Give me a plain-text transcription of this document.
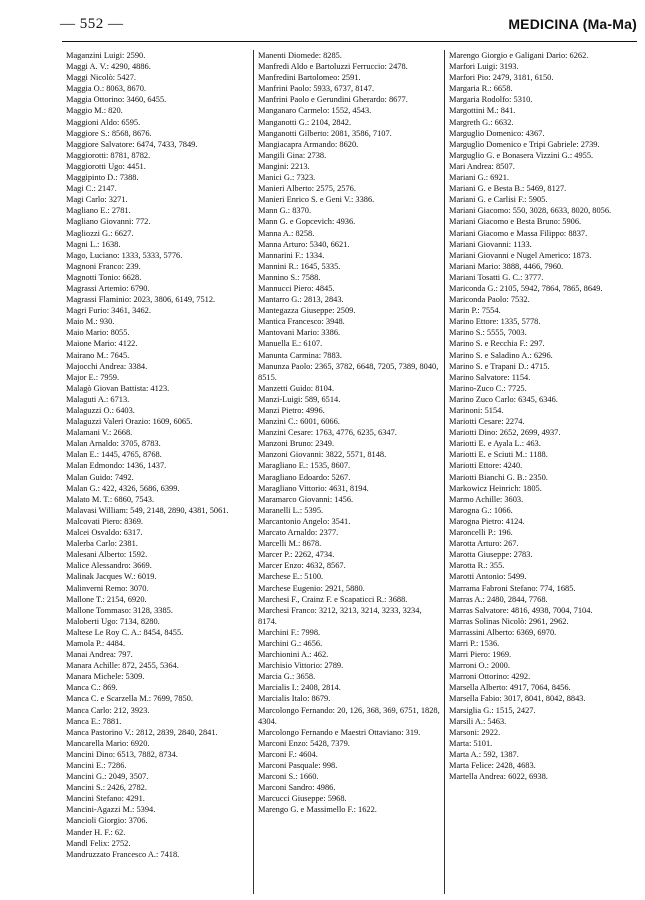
— 552 —	MEDICINA (Ma-Ma)
Maganzini Luigi: 2590.
Maggi A. V.: 4290, 4886.
Maggi Nicolò: 5427.
Maggia O.: 8063, 8670.
Maggia Ottorino: 3460, 6455.
Maggio M.: 820.
Maggioni Aldo: 6595.
Maggiore S.: 8568, 8676.
Maggiore Salvatore: 6474, 7433, 7849.
Maggiorotti: 8781, 8782.
Maggiorotti Ugo: 4451.
Maggipinto D.: 7388.
Magi C.: 2147.
Magi Carlo: 3271.
Magliano E.: 2781.
Magliano Giovanni: 772.
Magliozzi G.: 6627.
Magni L.: 1638.
Mago, Luciano: 1333, 5333, 5776.
Magnoni Franco: 239.
Magnotti Tonio: 6628.
Magrassi Artemio: 6790.
Magrassi Flaminio: 2023, 3806, 6149, 7512.
Magri Furio: 3461, 3462.
Maio M.: 930.
Maio Mario: 8055.
Maione Mario: 4122.
Mairano M.: 7645.
Majocchi Andrea: 3384.
Major E.: 7959.
Malagò Giovan Battista: 4123.
Malaguti A.: 6713.
Malaguzzi O.: 6403.
Malaguzzi Valeri Orazio: 1609, 6065.
Malamani V.: 2668.
Malan Arnaldo: 3705, 8783.
Malan E.: 1445, 4765, 8768.
Malan Edmondo: 1436, 1437.
Malan Guido: 7492.
Malan G.: 422, 4326, 5686, 6399.
Malato M. T.: 6860, 7543.
Malavasi William: 549, 2148, 2890, 4381, 5061.
Malcovati Piero: 8369.
Malcei Osvaldo: 6317.
Malerba Carlo: 2381.
Malesani Alberto: 1592.
Malice Alessandro: 3669.
Malinak Jacques W.: 6019.
Malinverni Remo: 3070.
Mallone T.: 2154, 6920.
Mallone Tommaso: 3128, 3385.
Maloberti Ugo: 7134, 8280.
Maltese Le Roy C. A.: 8454, 8455.
Mamola P.: 4484.
Manai Andrea: 797.
Manara Achille: 872, 2455, 5364.
Manara Michele: 5309.
Manca C.: 869.
Manca C. e Scarzella M.: 7699, 7850.
Manca Carlo: 212, 3923.
Manca E.: 7881.
Manca Pastorino V.: 2812, 2839, 2840, 2841.
Mancarella Mario: 6920.
Mancini Dino: 6513, 7882, 8734.
Mancini E.: 7286.
Mancini G.: 2049, 3507.
Mancini S.: 2426, 2782.
Mancini Stefano: 4291.
Mancini-Agazzi M.: 5394.
Mancioli Giorgio: 3706.
Mander H. F.: 62.
Mandl Felix: 2752.
Mandruzzato Francesco A.: 7418.
Manenti Diomede: 8285.
Manfredi Aldo e Bartoluzzi Ferruccio: 2478.
Manfredini Bartolomeo: 2591.
Manfrini Paolo: 5933, 6737, 8147.
Manfrini Paolo e Gerundini Gherardo: 8677.
Manganaro Carmelo: 1552, 4543.
Manganotti G.: 2104, 2842.
Manganotti Gilberto: 2081, 3586, 7107.
Mangiacapra Armando: 8620.
Mangili Gina: 2738.
Mangini: 2213.
Manici G.: 7323.
Manieri Alberto: 2575, 2576.
Manieri Enrico S. e Geni V.: 3386.
Mann G.: 8370.
Mann G. e Gopcevich: 4936.
Manna A.: 8258.
Manna Arturo: 5340, 6621.
Mannarini F.: 1334.
Mannini R.: 1645, 5335.
Mannino S.: 7588.
Mannucci Piero: 4845.
Mantarro G.: 2813, 2843.
Mantegazza Giuseppe: 2509.
Mantica Francesco: 3948.
Mantovani Mario: 3386.
Manuella E.: 6107.
Manunta Carmina: 7883.
Manunza Paolo: 2365, 3782, 6648, 7205, 7389, 8040, 8515.
Manzetti Guido: 8104.
Manzi-Luigi: 589, 6514.
Manzi Pietro: 4996.
Manzini C.: 6001, 6066.
Manzini Cesare: 1763, 4776, 6235, 6347.
Manzoni Bruno: 2349.
Manzoni Giovanni: 3822, 5571, 8148.
Maragliano E.: 1535, 8607.
Maragliano Edoardo: 5267.
Maragliano Vittorio: 4631, 8194.
Maramarco Giovanni: 1456.
Maranelli L.: 5395.
Marcantonio Angelo: 3541.
Marcato Arnaldo: 2377.
Marcelli M.: 8678.
Marcer P.: 2262, 4734.
Marcer Enzo: 4632, 8567.
Marchese E.: 5100.
Marchese Eugenio: 2921, 5880.
Marchesi F., Crainz F. e Scapaticci R.: 3688.
Marchesi Franco: 3212, 3213, 3214, 3233, 3234, 8174.
Marchini F.: 7998.
Marchini G.: 4656.
Marchionini A.: 462.
Marchisio Vittorio: 2789.
Marcia G.: 3658.
Marcialis I.: 2408, 2814.
Marcialis Italo: 8679.
Marcolongo Fernando: 20, 126, 368, 369, 6751, 1828, 4304.
Marcolongo Fernando e Maestri Ottaviano: 319.
Marconi Enzo: 5428, 7379.
Marconi F.: 4604.
Marconi Pasquale: 998.
Marconi S.: 1660.
Marconi Sandro: 4986.
Marcucci Giuseppe: 5968.
Marengo G. e Massimello F.: 1622.
Marengo Giorgio e Galigani Dario: 6262.
Marfori Luigi: 3193.
Marfori Pio: 2479, 3181, 6150.
Margaria R.: 6658.
Margaria Rodolfo: 5310.
Margottini M.: 841.
Margreth G.: 6632.
Marguglio Domenico: 4367.
Marguglio Domenico e Tripi Gabriele: 2739.
Marguglio G. e Bonasera Vizzini G.: 4955.
Mari Andrea: 8507.
Mariani G.: 6921.
Mariani G. e Besta B.: 5469, 8127.
Mariani G. e Carlisi F.: 5905.
Mariani Giacomo: 550, 3028, 6633, 8020, 8056.
Mariani Giacomo e Besta Bruno: 5906.
Mariani Giacomo e Massa Filippo: 8837.
Mariani Giovanni: 1133.
Mariani Giovanni e Nugel Americo: 1873.
Mariani Mario: 3888, 4466, 7960.
Mariani Tosatti G. C.: 3777.
Mariconda G.: 2105, 5942, 7864, 7865, 8649.
Mariconda Paolo: 7532.
Marin P.: 7554.
Marino Ettore: 1335, 5778.
Marino S.: 5555, 7003.
Marino S. e Recchia F.: 297.
Marino S. e Saladino A.: 6296.
Marino S. e Trapani D.: 4715.
Marino Salvatore: 1154.
Marino-Zuco C.: 7725.
Marino Zuco Carlo: 6345, 6346.
Marinoni: 5154.
Mariotti Cesare: 2274.
Mariotti Dino: 2652, 2699, 4937.
Mariotti E. e Ayala L.: 463.
Mariotti E. e Sciuti M.: 1188.
Mariotti Ettore: 4240.
Mariotti Bianchi G. B.: 2350.
Markowicz Heinrich: 1805.
Marmo Achille: 3603.
Marogna G.: 1066.
Marogna Pietro: 4124.
Maroncelli P.: 196.
Marotta Arturo: 267.
Marotta Giuseppe: 2783.
Marotta R.: 355.
Marotti Antonio: 5499.
Marrama Fabroni Stefano: 774, 1685.
Marras A.: 2480, 2844, 7768.
Marras Salvatore: 4816, 4938, 7004, 7104.
Marras Solinas Nicolò: 2961, 2962.
Marrassini Alberto: 6369, 6970.
Marri P.: 1536.
Marri Piero: 1969.
Marroni O.: 2000.
Marroni Ottorino: 4292.
Marsella Alberto: 4917, 7064, 8456.
Marsella Fabio: 3017, 8041, 8042, 8843.
Marsiglia G.: 1515, 2427.
Marsili A.: 5463.
Marsoni: 2922.
Marta: 5101.
Marta A.: 592, 1387.
Marta Felice: 2428, 4683.
Martella Andrea: 6022, 6938.
